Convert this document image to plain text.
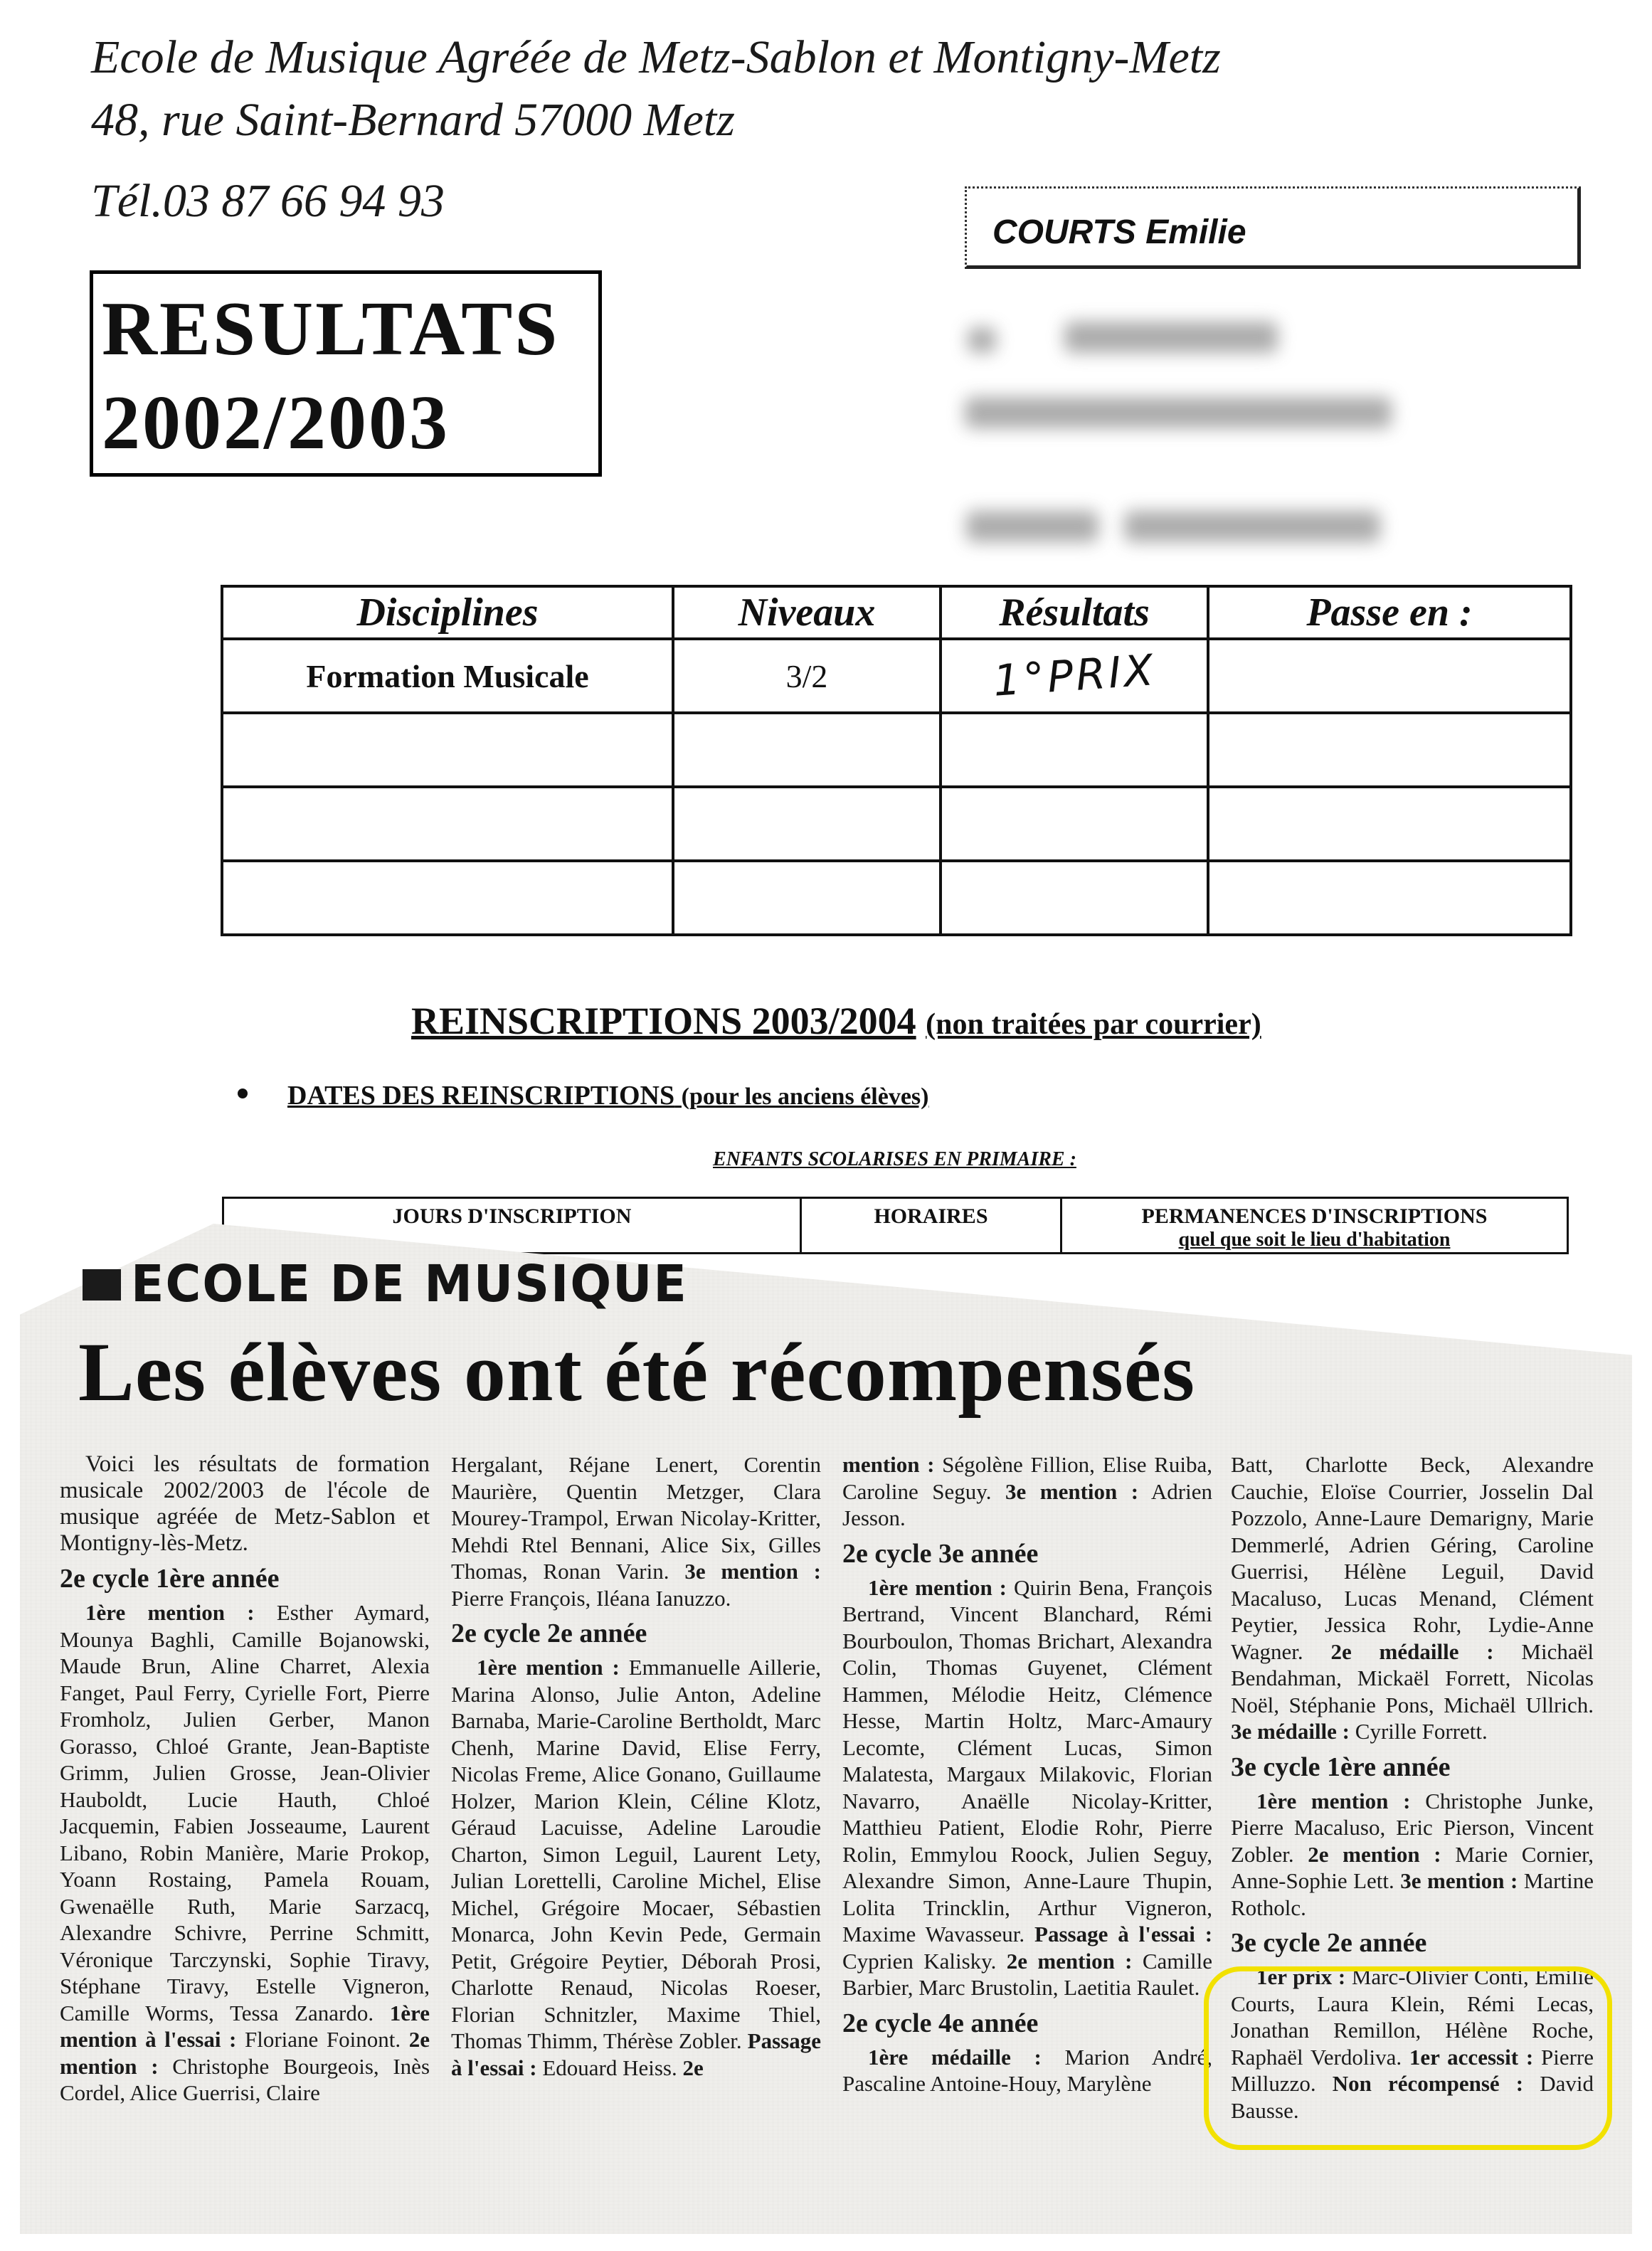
Ecole de Musique Agréée de Metz-Sablon et Montigny-Metz
48, rue Saint-Bernard 57000 Metz
Tél.03 87 66 94 93
RESULTATS
2002/2003
COURTS Emilie
Disciplines	Niveaux	Résultats	Passe en :
Formation Musicale	3/2	1°PRIX	

REINSCRIPTIONS 2003/2004 (non traitées par courrier)
DATES DES REINSCRIPTIONS (pour les anciens élèves)
ENFANTS SCOLARISES EN PRIMAIRE :
JOURS D'INSCRIPTION	HORAIRES	PERMANENCES D'INSCRIPTIONS
quel que soit le lieu d'habitation
ECOLE DE MUSIQUE
Les élèves ont été récompensés

Voici les résultats de formation musicale 2002/2003 de l'école de musique agréée de Metz-Sablon et Montigny-lès-Metz.

2e cycle 1ère année

1ère mention : Esther Aymard, Mounya Baghli, Camille Bojanowski, Maude Brun, Aline Charret, Alexia Fanget, Paul Ferry, Cyrielle Fort, Pierre Fromholz, Julien Gerber, Manon Gorasso, Chloé Grante, Jean-Baptiste Grimm, Julien Grosse, Jean-Olivier Hauboldt, Lucie Hauth, Chloé Jacquemin, Fabien Josseaume, Laurent Libano, Robin Manière, Marie Prokop, Yoann Rostaing, Pamela Rouam, Gwenaëlle Ruth, Marie Sarzacq, Alexandre Schivre, Perrine Schmitt, Véronique Tarczynski, Sophie Tiravy, Stéphane Tiravy, Estelle Vigneron, Camille Worms, Tessa Zanardo. 1ère mention à l'essai : Floriane Foinont. 2e mention : Christophe Bourgeois, Inès Cordel, Alice Guerrisi, Claire

Hergalant, Réjane Lenert, Corentin Maurière, Quentin Metzger, Clara Mourey-Trampol, Erwan Nicolay-Kritter, Mehdi Rtel Bennani, Alice Six, Gilles Thomas, Ronan Varin. 3e mention : Pierre François, Iléana Ianuzzo.

2e cycle 2e année

1ère mention : Emmanuelle Aillerie, Marina Alonso, Julie Anton, Adeline Barnaba, Marie-Caroline Bertholdt, Marc Chenh, Marine David, Elise Ferry, Nicolas Freme, Alice Gonano, Guillaume Holzer, Marion Klein, Céline Klotz, Géraud Lacuisse, Adeline Laroudie Charton, Simon Leguil, Laurent Lety, Julian Lorettelli, Caroline Michel, Elise Michel, Grégoire Mocaer, Sébastien Monarca, John Kevin Pede, Germain Petit, Grégoire Peytier, Déborah Prosi, Charlotte Renaud, Nicolas Roeser, Florian Schnitzler, Maxime Thiel, Thomas Thimm, Thérèse Zobler. Passage à l'essai : Edouard Heiss. 2e

mention : Ségolène Fillion, Elise Ruiba, Caroline Seguy. 3e mention : Adrien Jesson.

2e cycle 3e année

1ère mention : Quirin Bena, François Bertrand, Vincent Blanchard, Rémi Bourboulon, Thomas Brichart, Alexandra Colin, Thomas Guyenet, Clément Hammen, Mélodie Heitz, Clémence Hesse, Martin Holtz, Marc-Amaury Lecomte, Clément Lucas, Simon Malatesta, Margaux Milakovic, Florian Navarro, Anaëlle Nicolay-Kritter, Matthieu Patient, Elodie Rohr, Pierre Rolin, Emmylou Roock, Julien Seguy, Alexandre Simon, Anne-Laure Thupin, Lolita Trincklin, Arthur Vigneron, Maxime Wavasseur. Passage à l'essai : Cyprien Kalisky. 2e mention : Camille Barbier, Marc Brustolin, Laetitia Raulet.

2e cycle 4e année

1ère médaille : Marion André, Pascaline Antoine-Houy, Marylène

Batt, Charlotte Beck, Alexandre Cauchie, Eloïse Courrier, Josselin Dal Pozzolo, Anne-Laure Demarigny, Marie Demmerlé, Adrien Géring, Caroline Guerrisi, Hélène Leguil, David Macaluso, Lucas Menand, Clément Peytier, Jessica Rohr, Lydie-Anne Wagner. 2e médaille : Michaël Bendahman, Mickaël Forrett, Nicolas Noël, Stéphanie Pons, Michaël Ullrich. 3e médaille : Cyrille Forrett.

3e cycle 1ère année

1ère mention : Christophe Junke, Pierre Macaluso, Eric Pierson, Vincent Zobler. 2e mention : Marie Cornier, Anne-Sophie Lett. 3e mention : Martine Rotholc.

3e cycle 2e année

1er prix : Marc-Olivier Conti, Emilie Courts, Laura Klein, Rémi Lecas, Jonathan Remillon, Hélène Roche, Raphaël Verdoliva. 1er accessit : Pierre Milluzzo. Non récompensé : David Bausse.
